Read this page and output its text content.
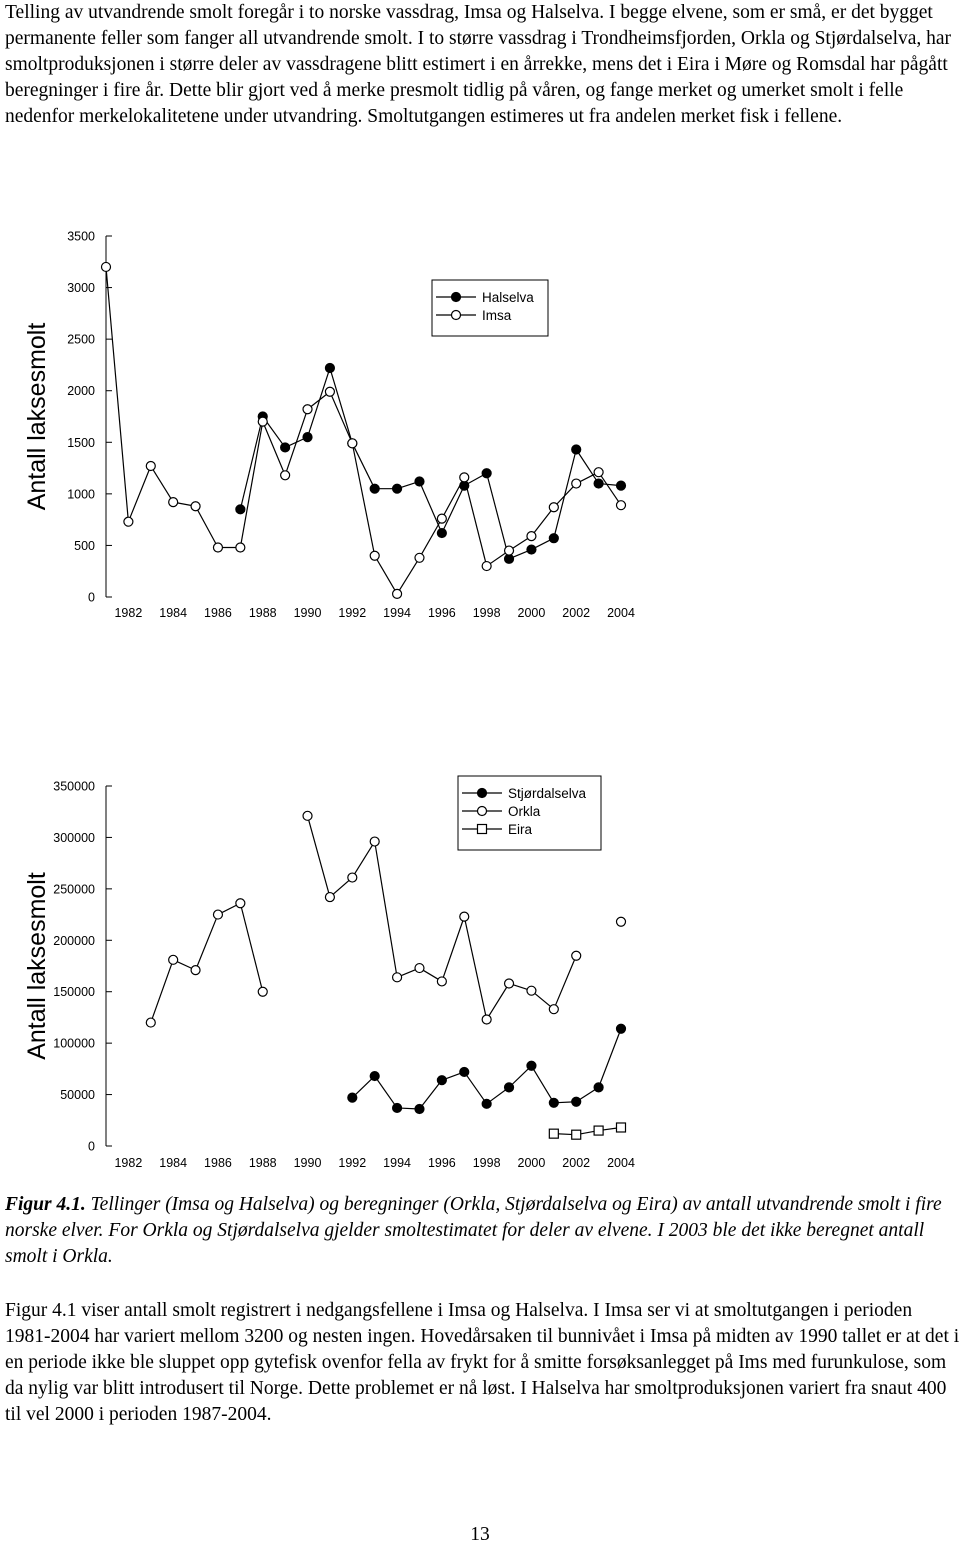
Telling av utvandrende smolt foregår i to norske vassdrag, Imsa og Halselva. I begge elvene, som er små, er det bygget permanente feller som fanger all utvandrende smolt. I to større vassdrag i Trondheimsfjorden, Orkla og Stjørdalselva, har smoltproduksjonen i større deler av vassdragene blitt estimert i en årrekke, mens det i Eira i Møre og Romsdal har pågått beregninger i fire år. Dette blir gjort ved å merke presmolt tidlig på våren, og fange merket og umerket smolt i felle nedenfor merkelokalitetene under utvandring. Smoltutgangen estimeres ut fra andelen merket fisk i fellene.

0
500
1000
1500
2000
2500
3000
3500
1982 1984 1986 1988 1990 1992 1994 1996 1998 2000 2002 2004
Antall laksesmolt
Halselva
Imsa
0
50000
100000
150000
200000
250000
300000
350000
1982 1984 1986 1988 1990 1992 1994 1996 1998 2000 2002 2004
Antall laksesmolt
Stjørdalselva
Orkla
Eira

Figur 4.1. Tellinger (Imsa og Halselva) og beregninger (Orkla, Stjørdalselva og Eira) av antall utvandrende smolt i fire norske elver. For Orkla og Stjørdalselva gjelder smoltestimatet for deler av elvene. I 2003 ble det ikke beregnet antall smolt i Orkla.

Figur 4.1 viser antall smolt registrert i nedgangsfellene i Imsa og Halselva. I Imsa ser vi at smoltutgangen i perioden 1981-2004 har variert mellom 3200 og nesten ingen. Hovedårsaken til bunnivået i Imsa på midten av 1990 tallet er at det i en periode ikke ble sluppet opp gytefisk ovenfor fella av frykt for å smitte forsøksanlegget på Ims med furunkulose, som da nylig var blitt introdusert til Norge. Dette problemet er nå løst. I Halselva har smoltproduksjonen variert fra snaut 400 til vel 2000 i perioden 1987-2004.

13
